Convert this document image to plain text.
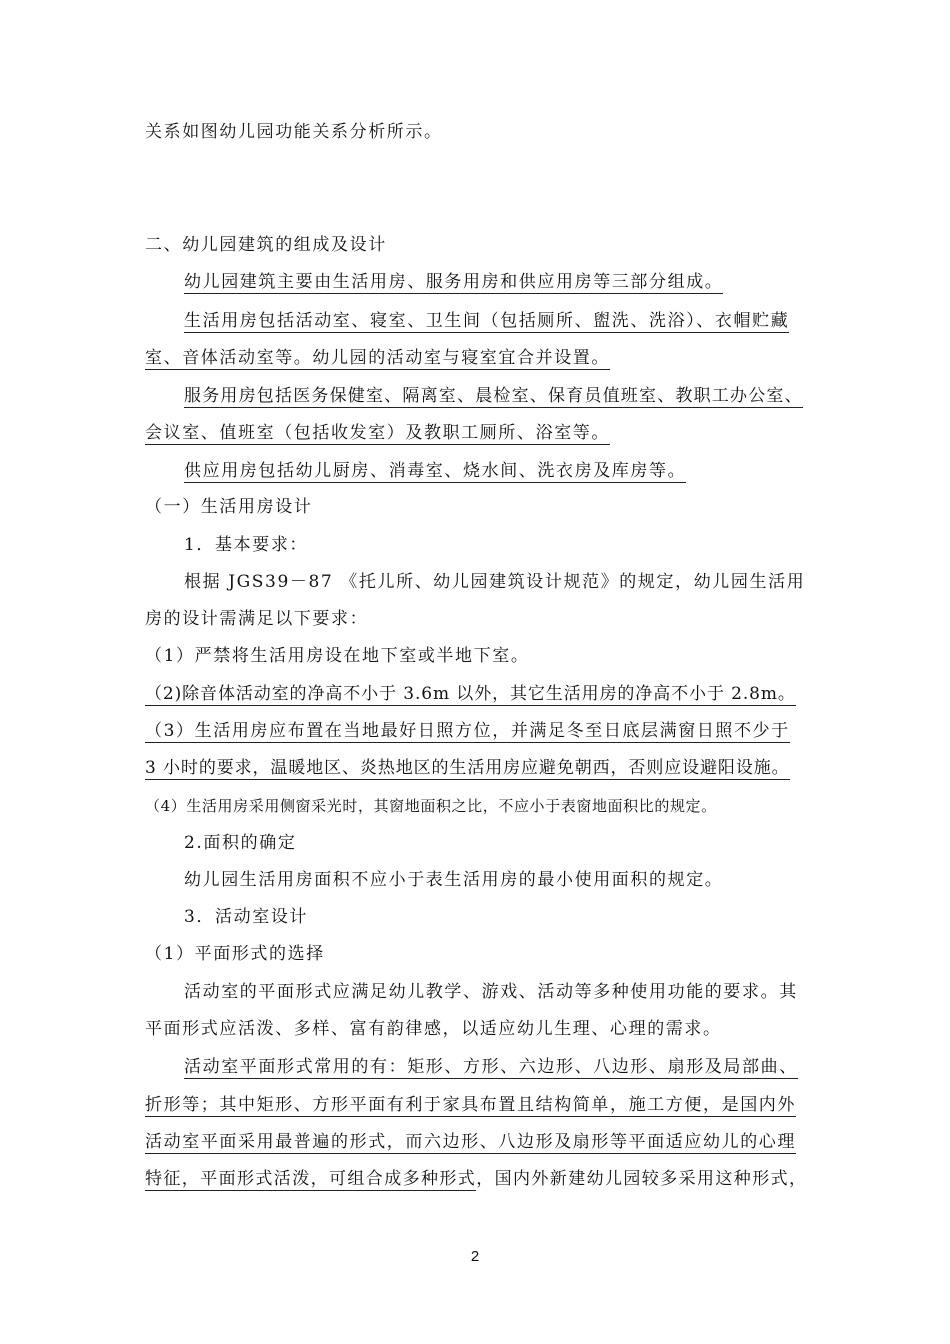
关系如图幼儿园功能关系分析所示。
二、幼儿园建筑的组成及设计
幼儿园建筑主要由生活用房、服务用房和供应用房等三部分组成。
生活用房包括活动室、寝室、卫生间（包括厕所、盥洗、洗浴）、衣帽贮藏
室、音体活动室等。幼儿园的活动室与寝室宜合并设置。
服务用房包括医务保健室、隔离室、晨检室、保育员值班室、教职工办公室、
会议室、值班室（包括收发室）及教职工厕所、浴室等。
供应用房包括幼儿厨房、消毒室、烧水间、洗衣房及库房等。
（一）生活用房设计
1．基本要求：
根据 JGS39－87 《托儿所、幼儿园建筑设计规范》的规定，幼儿园生活用
房的设计需满足以下要求：
（1）严禁将生活用房设在地下室或半地下室。
（2)除音体活动室的净高不小于 3.6m 以外，其它生活用房的净高不小于 2.8m。
（3）生活用房应布置在当地最好日照方位，并满足冬至日底层满窗日照不少于
3 小时的要求，温暖地区、炎热地区的生活用房应避免朝西，否则应设避阳设施。
（4）生活用房采用侧窗采光时，其窗地面积之比，不应小于表窗地面积比的规定。
2.面积的确定
幼儿园生活用房面积不应小于表生活用房的最小使用面积的规定。
3．活动室设计
（1）平面形式的选择
活动室的平面形式应满足幼儿教学、游戏、活动等多种使用功能的要求。其
平面形式应活泼、多样、富有韵律感，以适应幼儿生理、心理的需求。
活动室平面形式常用的有：矩形、方形、六边形、八边形、扇形及局部曲、
折形等；其中矩形、方形平面有利于家具布置且结构简单，施工方便，是国内外
活动室平面采用最普遍的形式，而六边形、八边形及扇形等平面适应幼儿的心理
特征，平面形式活泼，可组合成多种形式，国内外新建幼儿园较多采用这种形式，
2
